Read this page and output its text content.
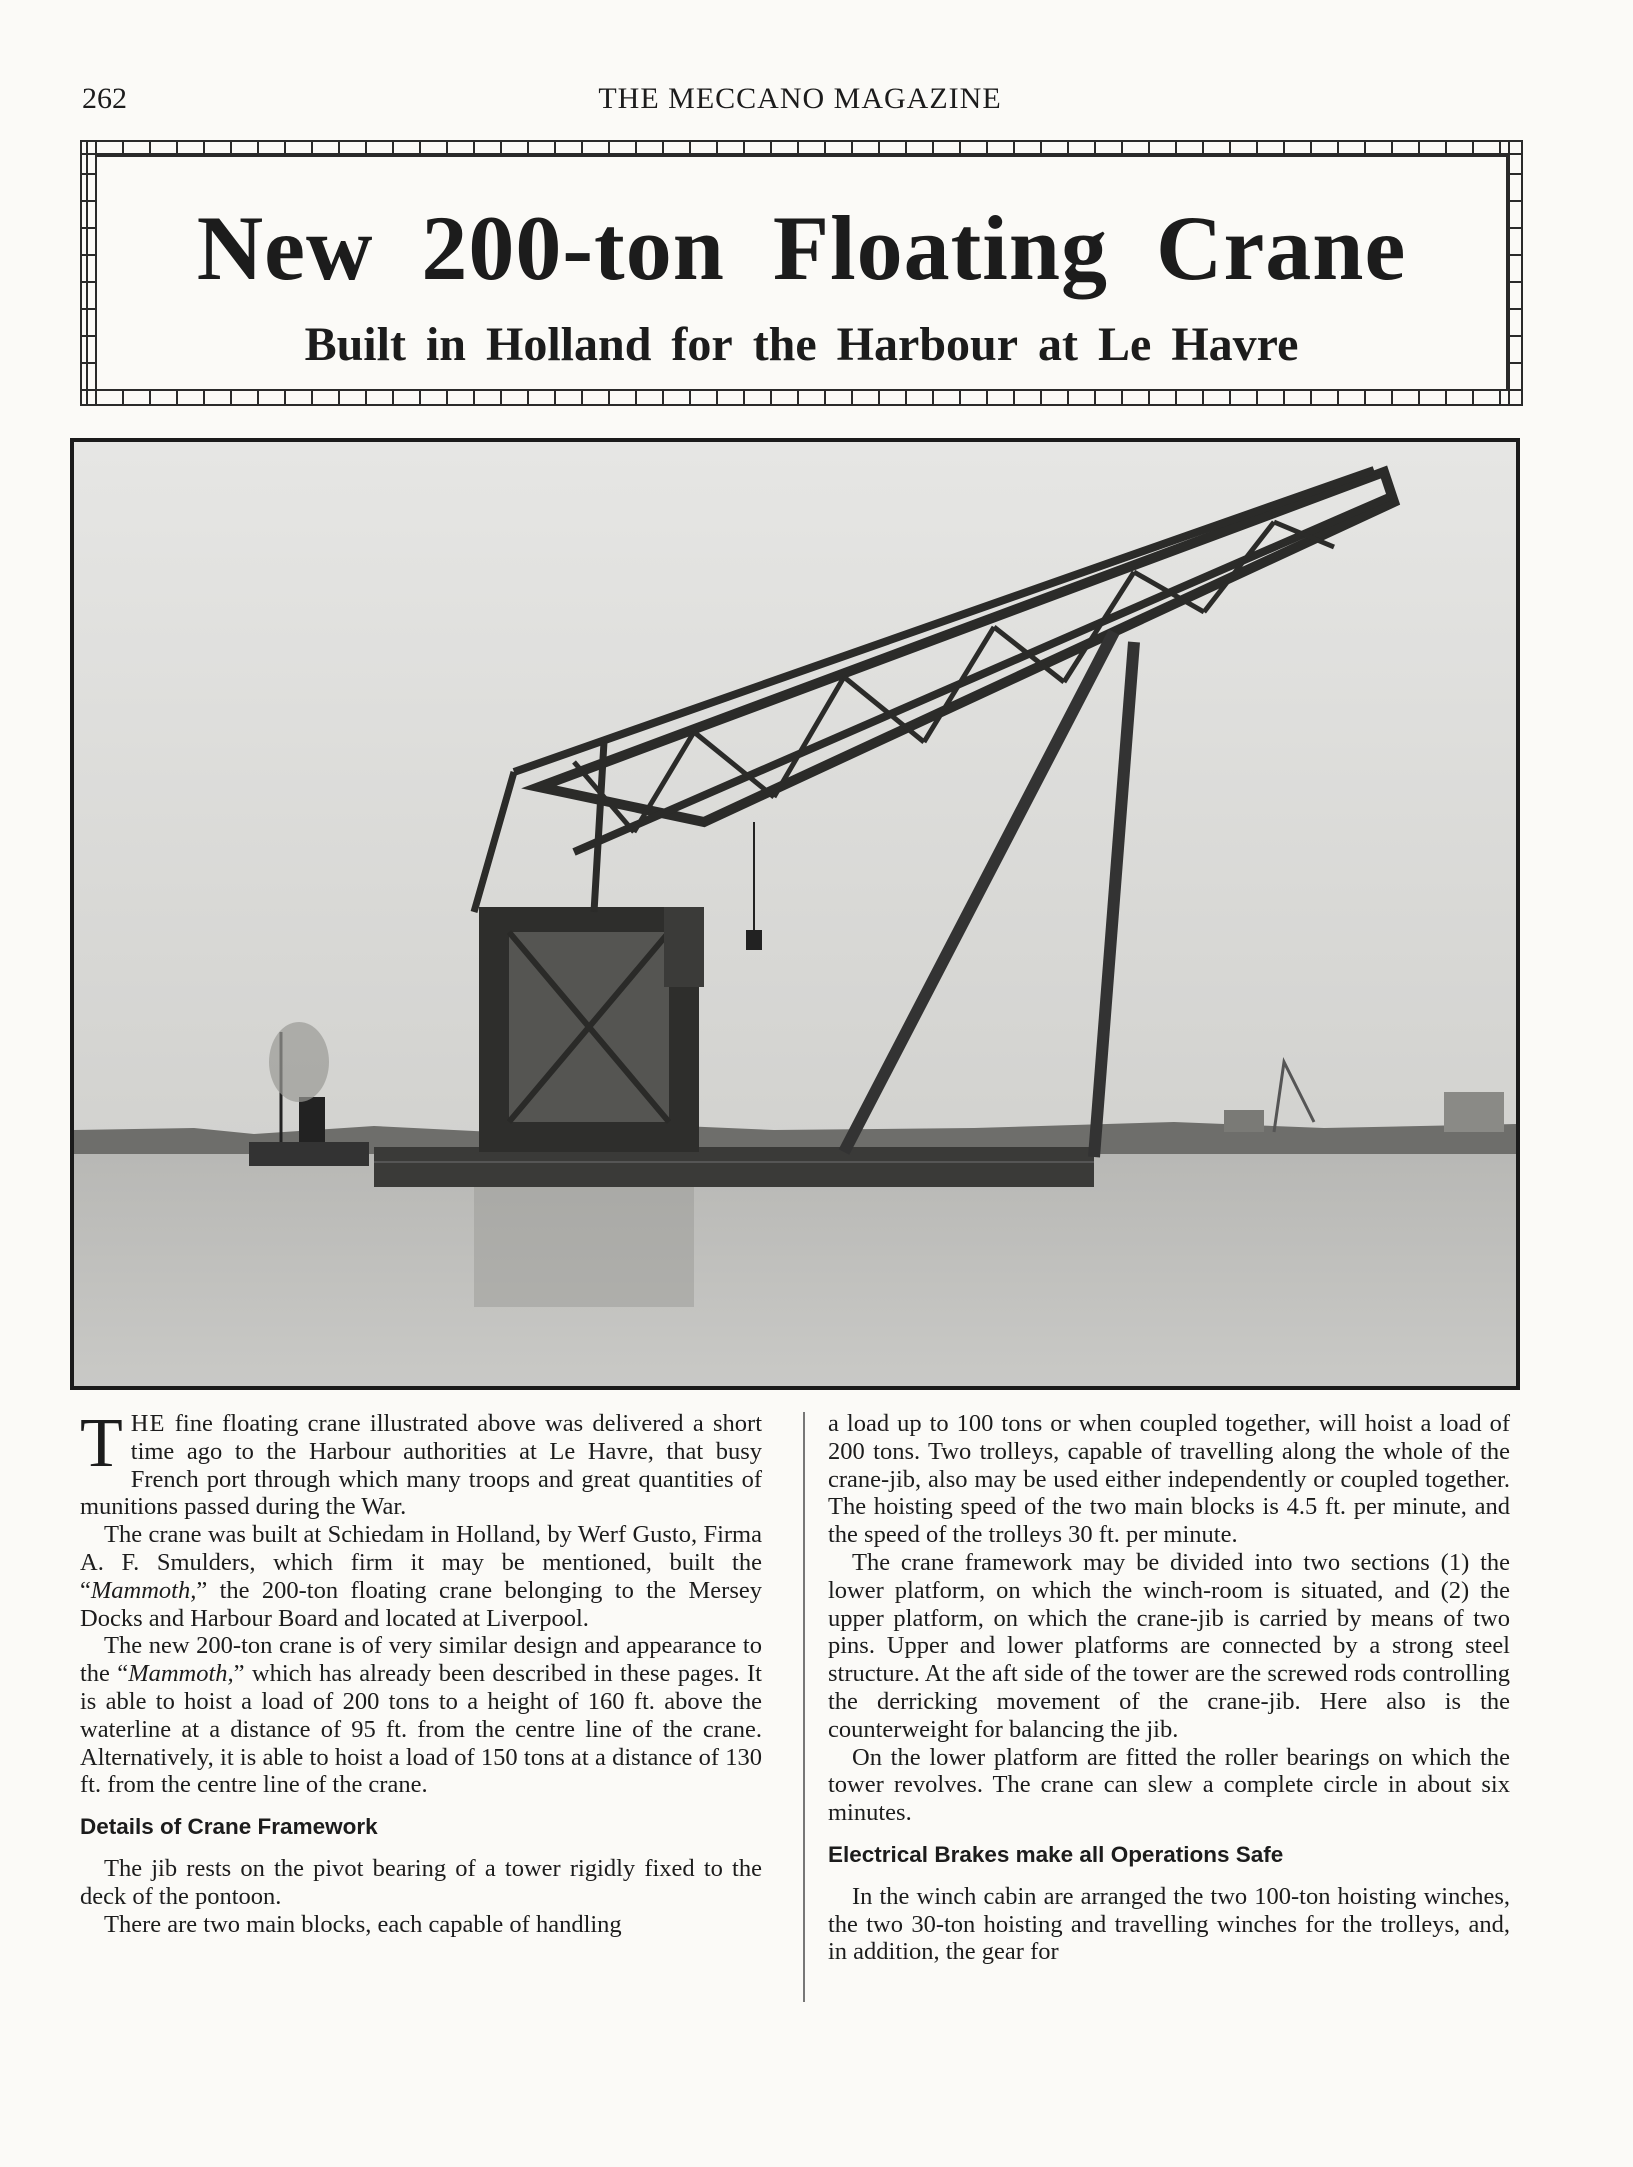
262	THE MECCANO MAGAZINE
New 200-ton Floating Crane
Built in Holland for the Harbour at Le Havre

THE fine floating crane illustrated above was delivered a short time ago to the Harbour authorities at Le Havre, that busy French port through which many troops and great quantities of munitions passed during the War.

The crane was built at Schiedam in Holland, by Werf Gusto, Firma A. F. Smulders, which firm it may be mentioned, built the “Mammoth,” the 200-ton floating crane belonging to the Mersey Docks and Harbour Board and located at Liverpool.

The new 200-ton crane is of very similar design and appearance to the “Mammoth,” which has already been described in these pages. It is able to hoist a load of 200 tons to a height of 160 ft. above the waterline at a distance of 95 ft. from the centre line of the crane. Alternatively, it is able to hoist a load of 150 tons at a distance of 130 ft. from the centre line of the crane.

Details of Crane Framework

The jib rests on the pivot bearing of a tower rigidly fixed to the deck of the pontoon.

There are two main blocks, each capable of handling

a load up to 100 tons or when coupled together, will hoist a load of 200 tons. Two trolleys, capable of travelling along the whole of the crane-jib, also may be used either independently or coupled together. The hoisting speed of the two main blocks is 4.5 ft. per minute, and the speed of the trolleys 30 ft. per minute.

The crane framework may be divided into two sections (1) the lower platform, on which the winch-room is situated, and (2) the upper platform, on which the crane-jib is carried by means of two pins. Upper and lower platforms are connected by a strong steel structure. At the aft side of the tower are the screwed rods controlling the derricking movement of the crane-jib. Here also is the counterweight for balancing the jib.

On the lower platform are fitted the roller bearings on which the tower revolves. The crane can slew a complete circle in about six minutes.

Electrical Brakes make all Operations Safe

In the winch cabin are arranged the two 100-ton hoisting winches, the two 30-ton hoisting and travelling winches for the trolleys, and, in addition, the gear for
